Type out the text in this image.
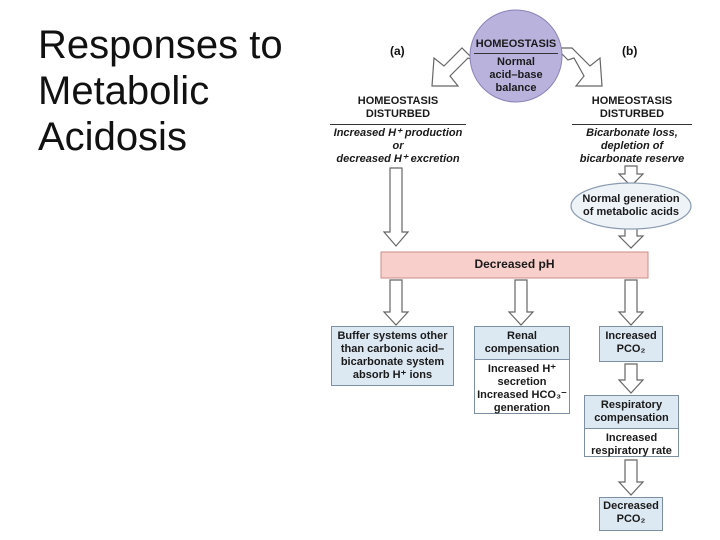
Responses to
Metabolic
Acidosis
(a)	(b)
HOMEOSTASIS
Normal
acid–base
balance
HOMEOSTASIS
DISTURBED
Increased H⁺ production
or
decreased H⁺ excretion
HOMEOSTASIS
DISTURBED
Bicarbonate loss,
depletion of
bicarbonate reserve
Normal generation
of metabolic acids
Decreased pH
Buffer systems other
than carbonic acid–
bicarbonate system
absorb H⁺ ions
Renal
compensation
Increased H⁺
secretion
Increased HCO₃⁻
generation
Increased
PCO₂
Respiratory
compensation
Increased
respiratory rate
Decreased
PCO₂
